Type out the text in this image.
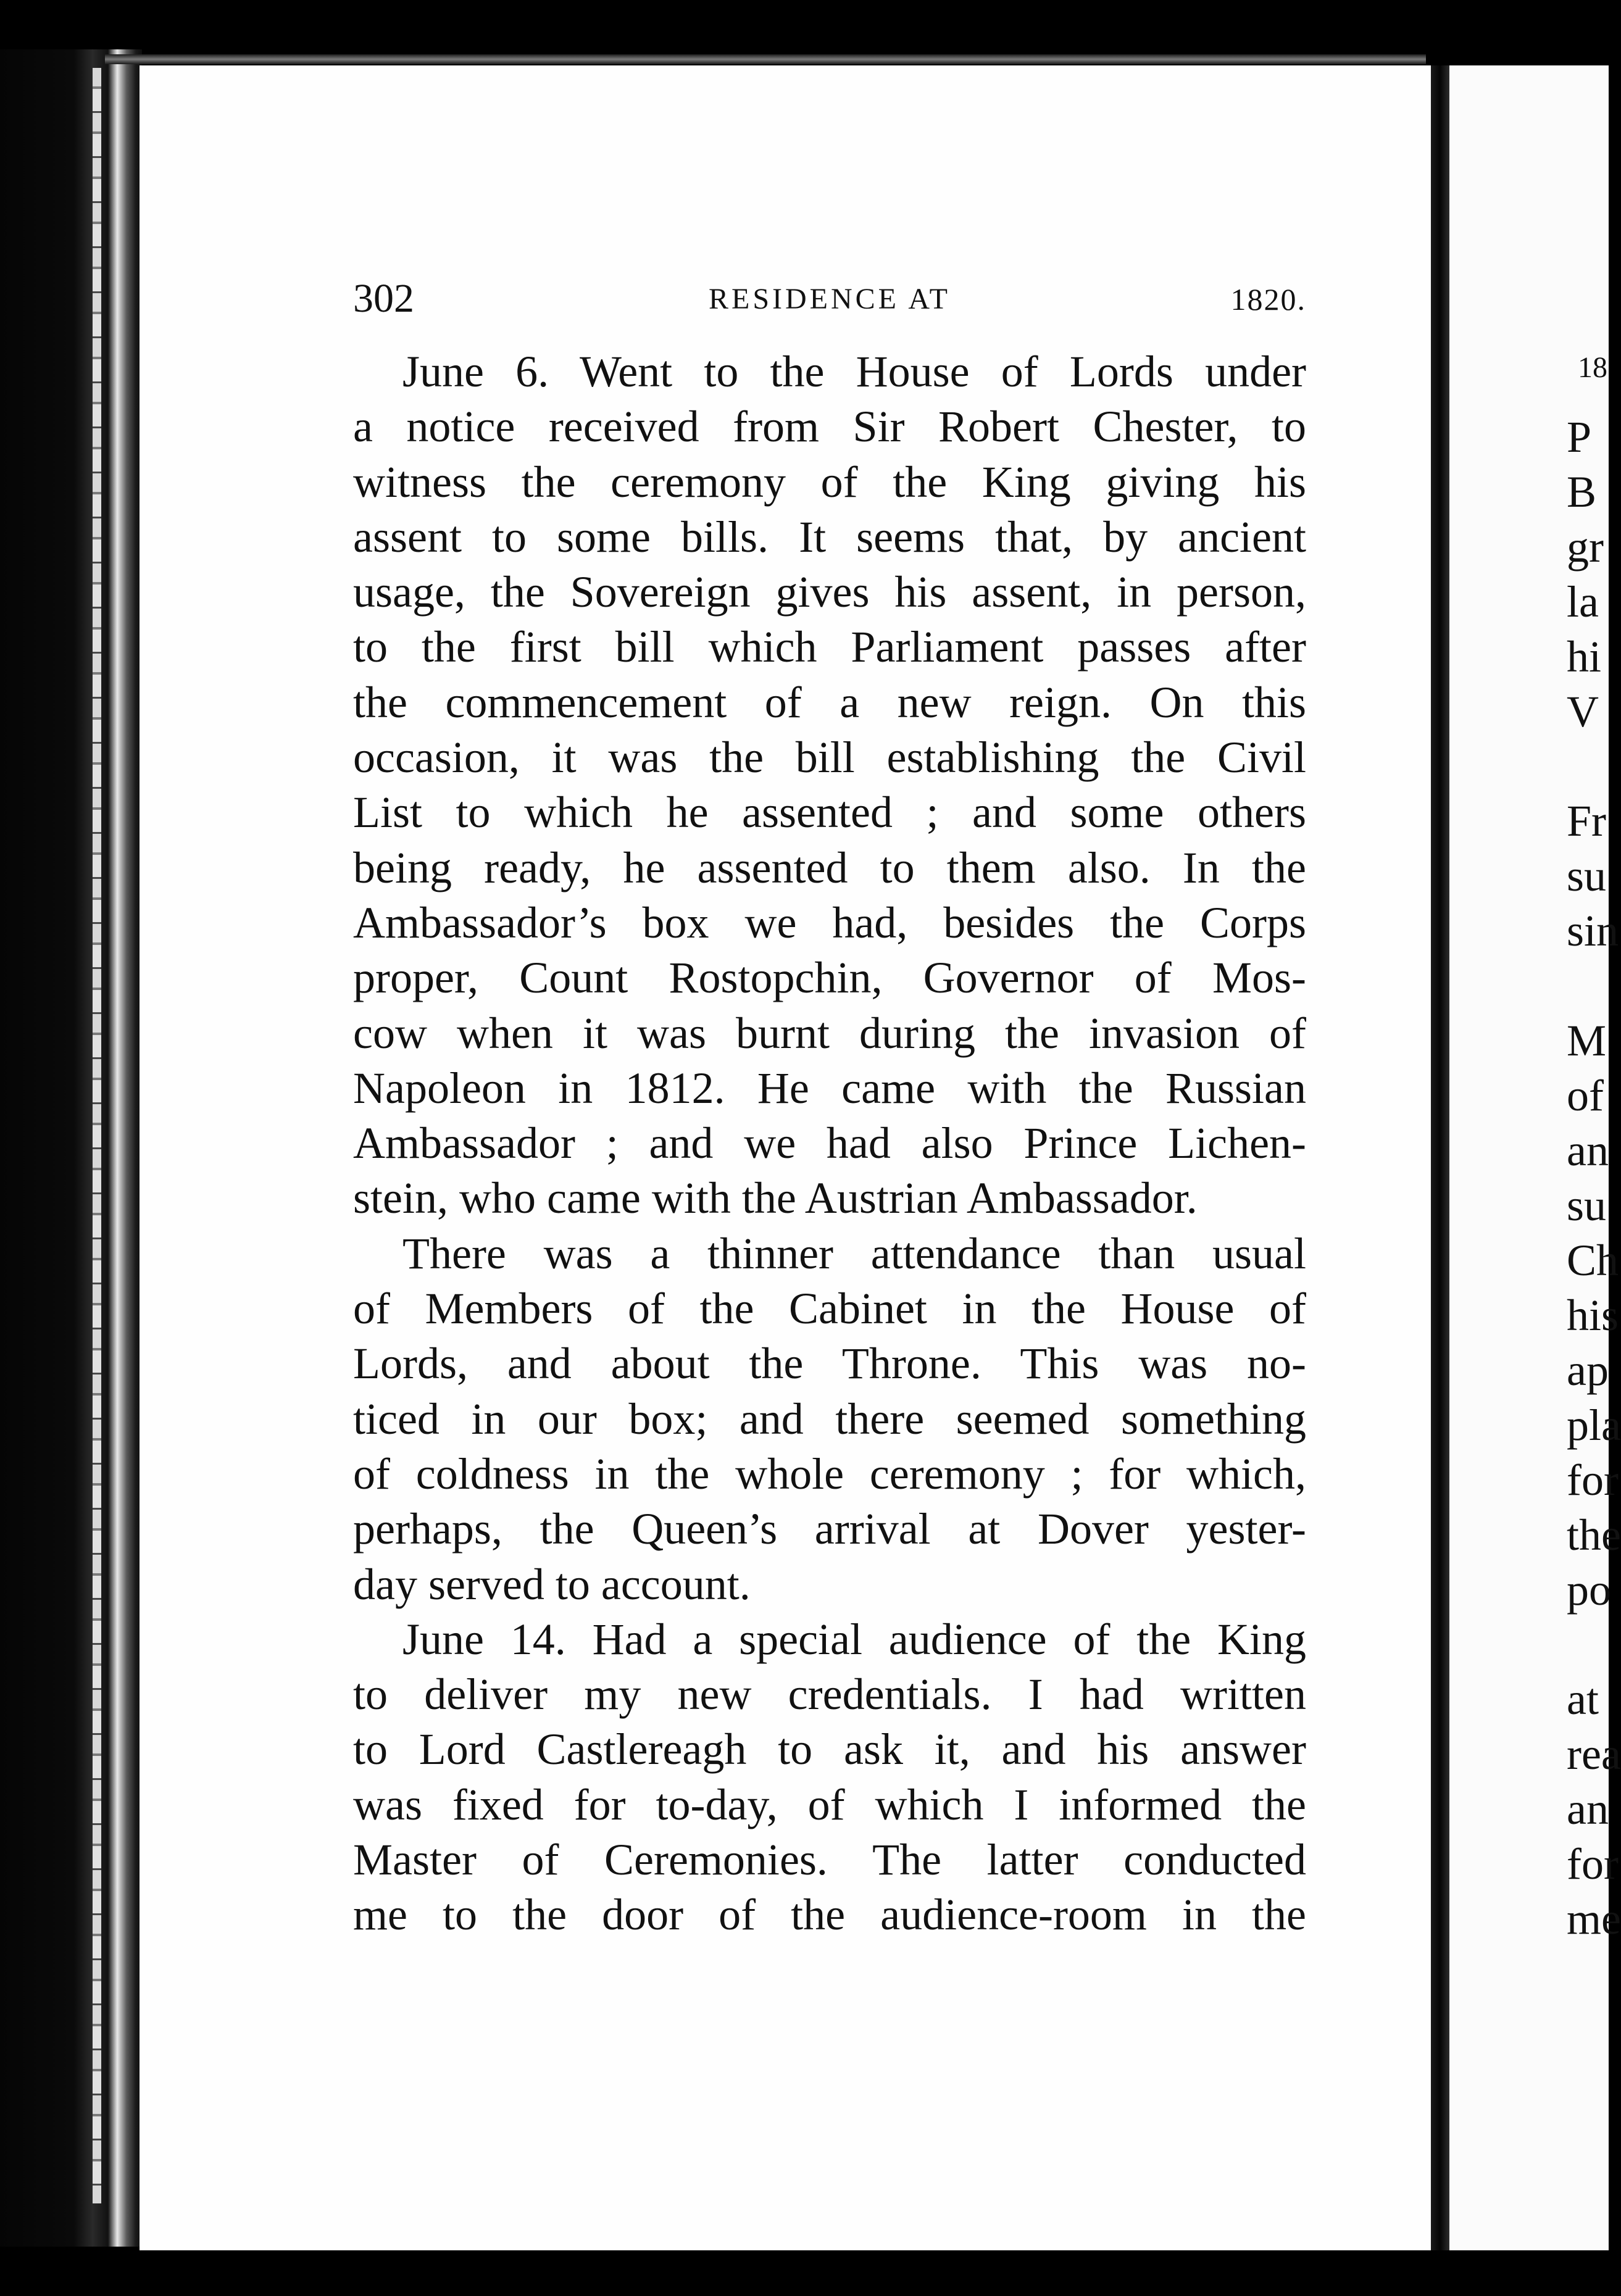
302	RESIDENCE AT	1820.
June 6. Went to the House of Lords under
a notice received from Sir Robert Chester, to
witness the ceremony of the King giving his
assent to some bills. It seems that, by ancient
usage, the Sovereign gives his assent, in person,
to the first bill which Parliament passes after
the commencement of a new reign. On this
occasion, it was the bill establishing the Civil
List to which he assented ; and some others
being ready, he assented to them also. In the
Ambassador’s box we had, besides the Corps
proper, Count Rostopchin, Governor of Mos-
cow when it was burnt during the invasion of
Napoleon in 1812. He came with the Russian
Ambassador ; and we had also Prince Lichen-
stein, who came with the Austrian Ambassador.
There was a thinner attendance than usual
of Members of the Cabinet in the House of
Lords, and about the Throne. This was no-
ticed in our box; and there seemed something
of coldness in the whole ceremony ; for which,
perhaps, the Queen’s arrival at Dover yester-
day served to account.
June 14. Had a special audience of the King
to deliver my new credentials. I had written
to Lord Castlereagh to ask it, and his answer
was fixed for to-day, of which I informed the
Master of Ceremonies. The latter conducted
me to the door of the audience-room in the
18
P
B
gr
la
hi
V
Fr
su
sin
M
of
an
su
Ch
his
ap
pla
for
the
po
at
rea
an
for
me
